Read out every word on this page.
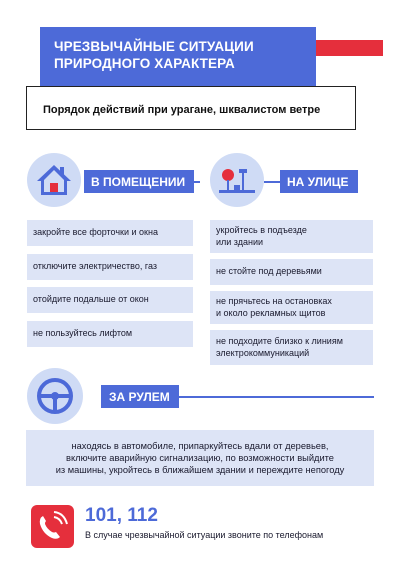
ЧРЕЗВЫЧАЙНЫЕ СИТУАЦИИ
ПРИРОДНОГО ХАРАКТЕРА
Порядок действий при урагане, шквалистом ветре
В ПОМЕЩЕНИИ	НА УЛИЦЕ
закройте все форточки и окна
отключите электричество, газ
отойдите подальше от окон
не пользуйтесь лифтом
укройтесь в подъезде
или здании
не стойте под деревьями
не прячьтесь на остановках
и около рекламных щитов
не подходите близко к линиям
электрокоммуникаций
ЗА РУЛЕМ
находясь в автомобиле, припаркуйтесь вдали от деревьев,
включите аварийную сигнализацию, по возможности выйдите
из машины, укройтесь в ближайшем здании и переждите непогоду
101, 112
В случае чрезвычайной ситуации звоните по телефонам
